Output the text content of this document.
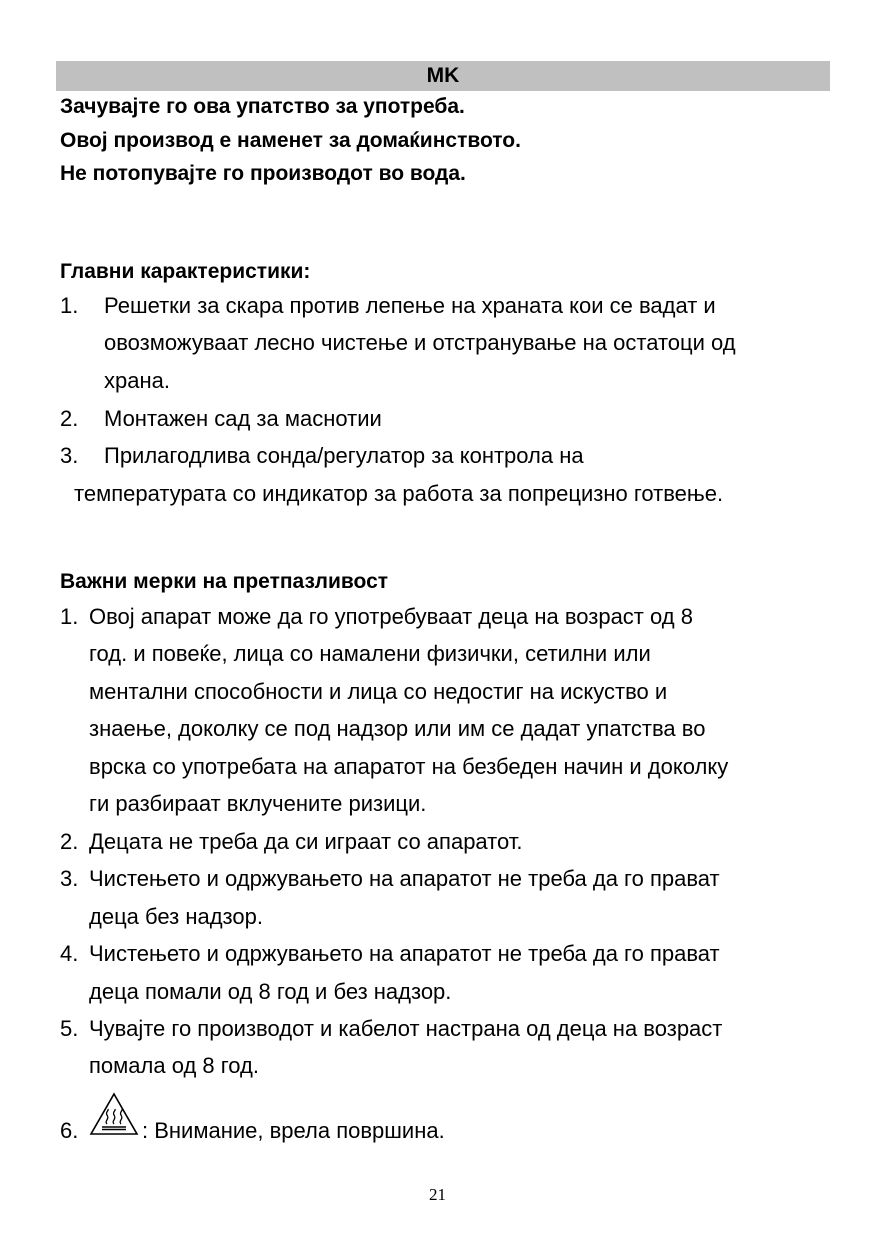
MK
Зачувајте го ова упатство за употреба.
Овој производ е наменет за домаќинството.
Не потопувајте го производот во вода.
Главни карактеристики:
1. Решетки за скара против лепење на храната кои се вадат и
овозможуваат лесно чистење и отстранување на остатоци од
храна.
2. Монтажен сад за маснотии
3. Прилагодлива сонда/регулатор за контрола на
температурата со индикатор за работа за попрецизно готвење.
Важни мерки на претпазливост
1. Овој апарат може да го употребуваат деца на возраст од 8
год. и повеќе, лица со намалени физички, сетилни или
ментални способности и лица со недостиг на искуство и
знаење, доколку се под надзор или им се дадат упатства во
врска со употребата на апаратот на безбеден начин и доколку
ги разбираат вклучените ризици.
2. Децата не треба да си играат со апаратот.
3. Чистењето и одржувањето на апаратот не треба да го прават
деца без надзор.
4. Чистењето и одржувањето на апаратот не треба да го прават
деца помали од 8 год и без надзор.
5. Чувајте го производот и кабелот настрана од деца на возраст
помала од 8 год.
6.	: Внимание, врела површина.
21
